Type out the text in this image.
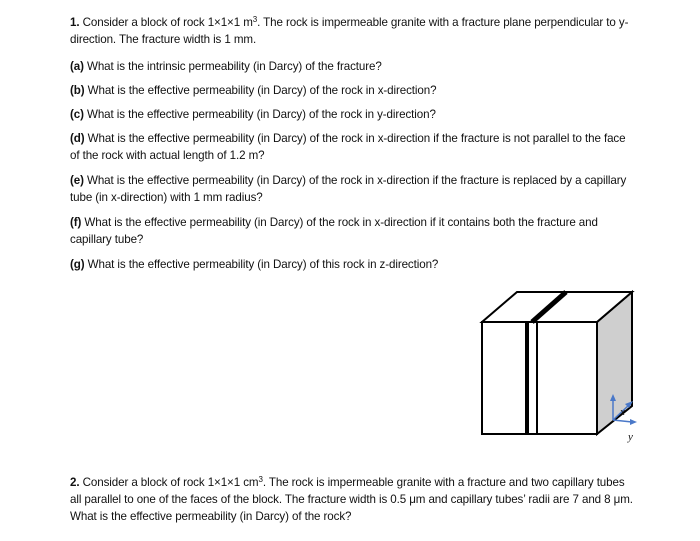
1. Consider a block of rock 1×1×1 $m^3$. The rock is impermeable granite with a fracture plane perpendicular to y-direction. The fracture width is 1 mm.
(a) What is the intrinsic permeability (in Darcy) of the fracture?
(b) What is the effective permeability (in Darcy) of the rock in x-direction?
(c) What is the effective permeability (in Darcy) of the rock in y-direction?
(d) What is the effective permeability (in Darcy) of the rock in x-direction if the fracture is not parallel to the face of the rock with actual length of 1.2 m?
(e) What is the effective permeability (in Darcy) of the rock in x-direction if the fracture is replaced by a capillary tube (in x-direction) with 1 mm radius?
(f) What is the effective permeability (in Darcy) of the rock in x-direction if it contains both the fracture and capillary tube?
(g) What is the effective permeability (in Darcy) of this rock in z-direction?
x
y
2. Consider a block of rock 1×1×1 $cm^3$. The rock is impermeable granite with a fracture and two capillary tubes all parallel to one of the faces of the block. The fracture width is 0.5 μm and capillary tubes’ radii are 7 and 8 μm. What is the effective permeability (in Darcy) of the rock?
